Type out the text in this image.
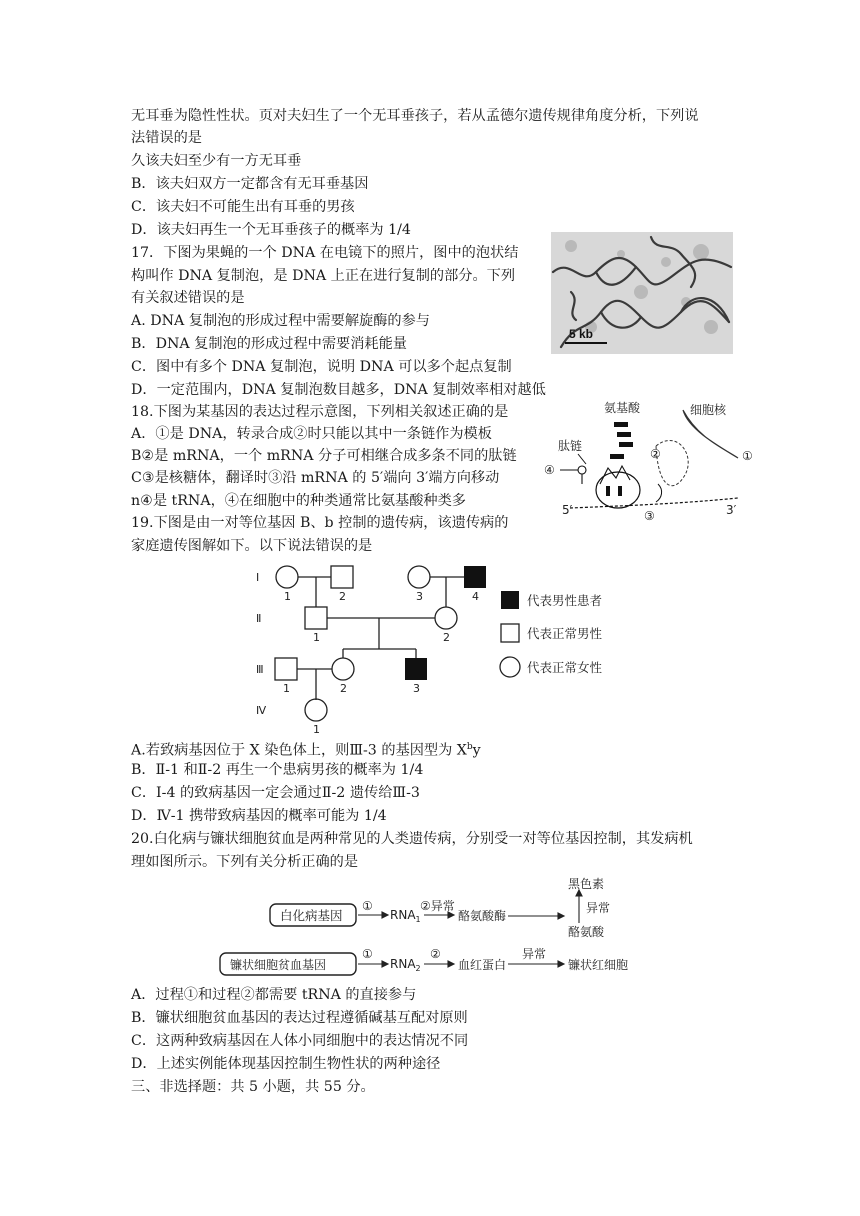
无耳垂为隐性性状。页对夫妇生了一个无耳垂孩子，若从孟德尔遗传规律角度分析，下列说
法错误的是
久该夫妇至少有一方无耳垂
B．该夫妇双方一定都含有无耳垂基因
C．该夫妇不可能生出有耳垂的男孩
D．该夫妇再生一个无耳垂孩子的概率为 1/4
17．下图为果蝇的一个 DNA 在电镜下的照片，图中的泡状结
构叫作 DNA 复制泡，是 DNA 上正在进行复制的部分。下列
有关叙述错误的是
A. DNA 复制泡的形成过程中需要解旋酶的参与
B．DNA 复制泡的形成过程中需要消耗能量
C．图中有多个 DNA 复制泡，说明 DNA 可以多个起点复制
D．一定范围内，DNA 复制泡数目越多，DNA 复制效率相对越低
5 kb
18.下图为某基因的表达过程示意图，下列相关叙述正确的是
A．①是 DNA，转录合成②时只能以其中一条链作为模板
B②是 mRNA，一个 mRNA 分子可相继合成多条不同的肽链
C③是核糖体，翻译时③沿 mRNA 的 5′端向 3′端方向移动
n④是 tRNA，④在细胞中的种类通常比氨基酸种类多
氨基酸	细胞核
肽链
①
②
④
5′	3′
③
19.下图是由一对等位基因 B、b 控制的遗传病，该遗传病的
家庭遗传图解如下。以下说法错误的是
Ⅰ
Ⅱ
Ⅲ
Ⅳ
1	2	3	4
1	2
1	2	3
1
代表男性患者
代表正常男性
代表正常女性
A.若致病基因位于 X 染色体上，则Ⅲ-3 的基因型为 $X^by$
B．Ⅱ-1 和Ⅱ-2 再生一个患病男孩的概率为 1/4
C．Ⅰ-4 的致病基因一定会通过Ⅱ-2 遗传给Ⅲ-3
D．Ⅳ-1 携带致病基因的概率可能为 1/4
20.白化病与镰状细胞贫血是两种常见的人类遗传病，分别受一对等位基因控制，其发病机
理如图所示。下列有关分析正确的是
白化病基因
镰状细胞贫血基因
①
$RNA_1$
②异常
酪氨酸酶
黑色素
异常
酪氨酸
①
$RNA_2$
②
血红蛋白
异常
镰状红细胞
A．过程①和过程②都需要 tRNA 的直接参与
B．镰状细胞贫血基因的表达过程遵循碱基互配对原则
C．这两种致病基因在人体小同细胞中的表达情况不同
D．上述实例能体现基因控制生物性状的两种途径
三、非选择题：共 5 小题，共 55 分。
